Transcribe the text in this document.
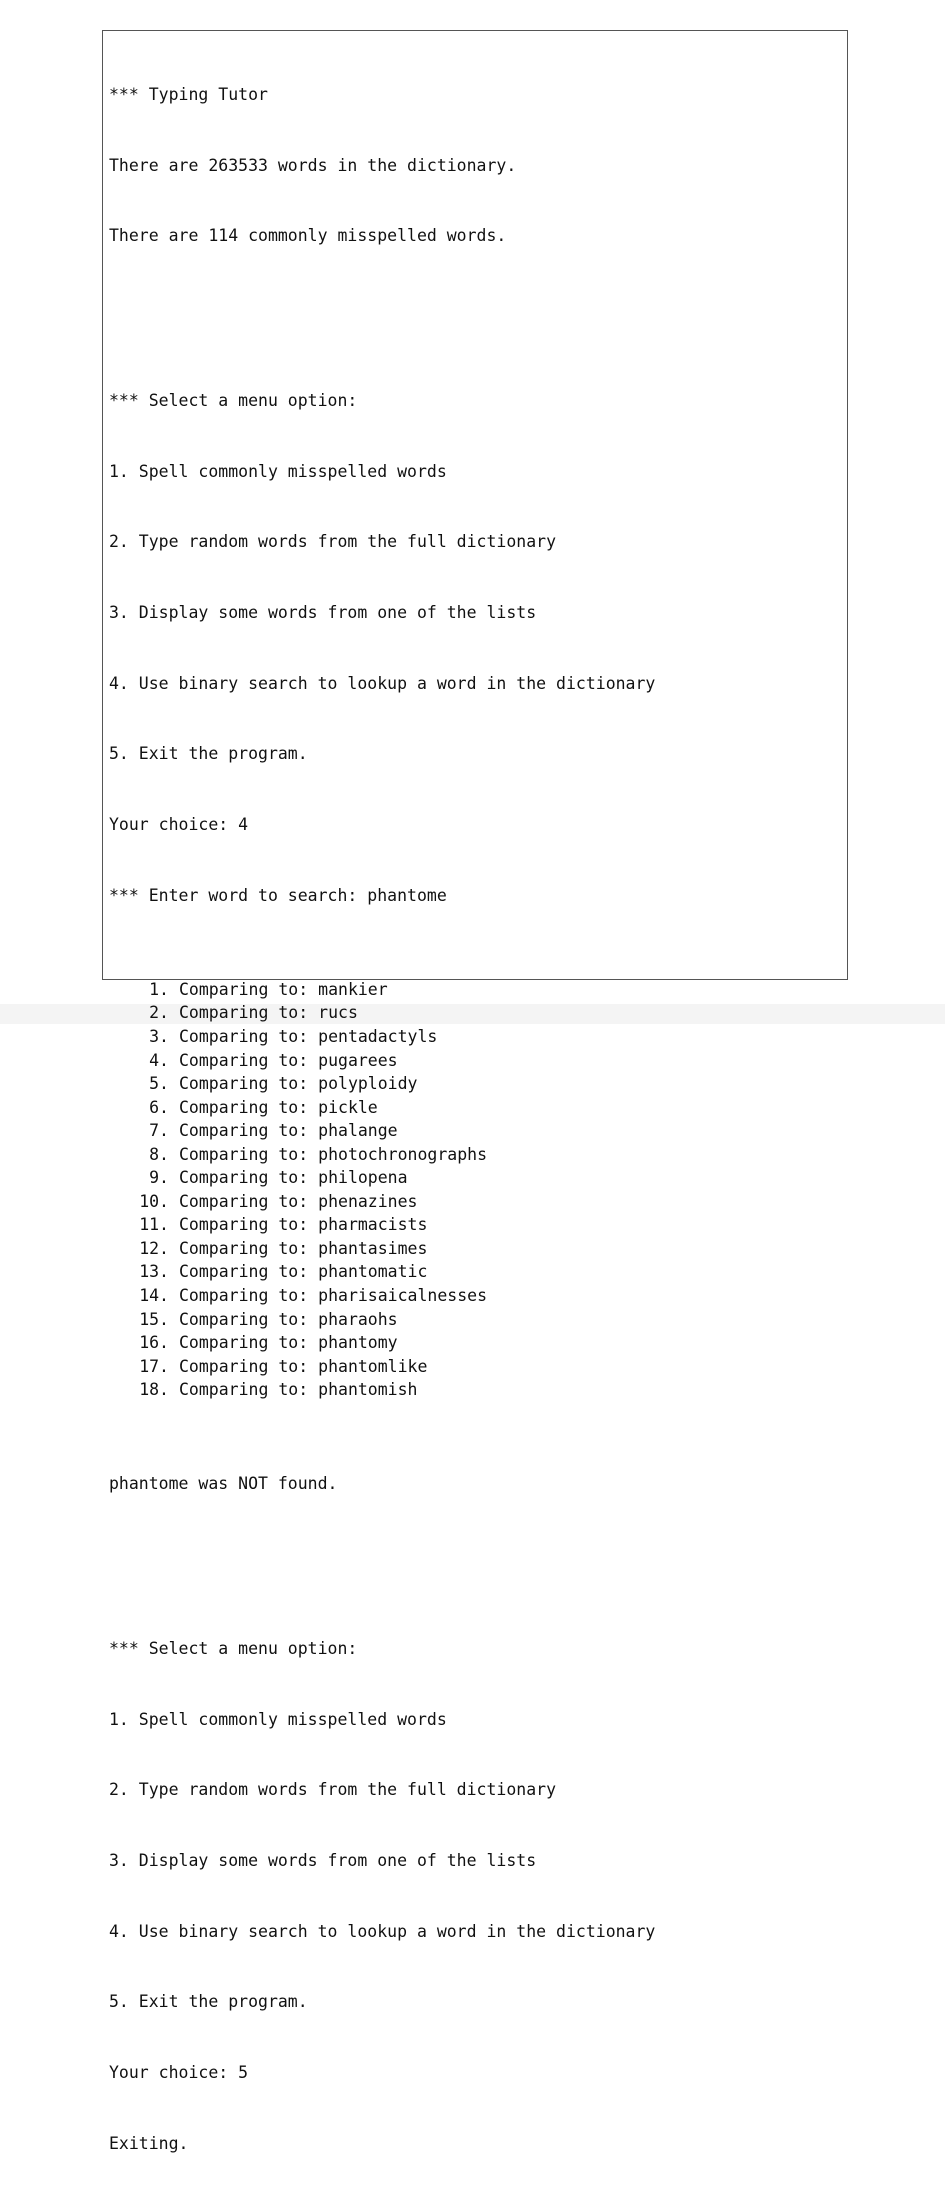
*** Typing Tutor

There are 263533 words in the dictionary.

There are 114 commonly misspelled words.

*** Select a menu option:

1. Spell commonly misspelled words

2. Type random words from the full dictionary

3. Display some words from one of the lists

4. Use binary search to lookup a word in the dictionary

5. Exit the program.

Your choice: 4

*** Enter word to search: phantome

1. Comparing to: mankier
2. Comparing to: rucs
3. Comparing to: pentadactyls
4. Comparing to: pugarees
5. Comparing to: polyploidy
6. Comparing to: pickle
7. Comparing to: phalange
8. Comparing to: photochronographs
9. Comparing to: philopena
10. Comparing to: phenazines
11. Comparing to: pharmacists
12. Comparing to: phantasimes
13. Comparing to: phantomatic
14. Comparing to: pharisaicalnesses
15. Comparing to: pharaohs
16. Comparing to: phantomy
17. Comparing to: phantomlike
18. Comparing to: phantomish

phantome was NOT found.

*** Select a menu option:

1. Spell commonly misspelled words

2. Type random words from the full dictionary

3. Display some words from one of the lists

4. Use binary search to lookup a word in the dictionary

5. Exit the program.

Your choice: 5

Exiting.
